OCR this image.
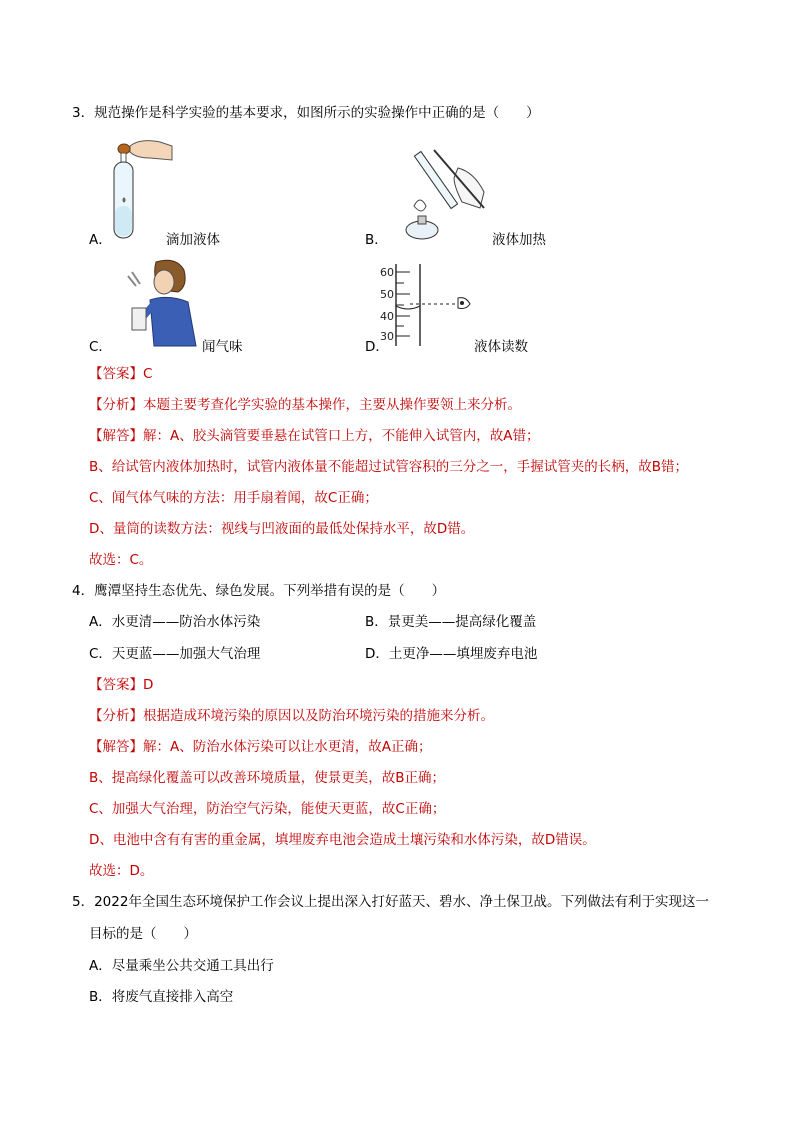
3．规范操作是科学实验的基本要求，如图所示的实验操作中正确的是（　　）
A．	滴加液体	B．	液体加热
C．	闻气味
60
50
40
30
D．	液体读数
【答案】C
【分析】本题主要考查化学实验的基本操作，主要从操作要领上来分析。
【解答】解：A、胶头滴管要垂悬在试管口上方，不能伸入试管内，故A错；
B、给试管内液体加热时，试管内液体量不能超过试管容积的三分之一，手握试管夹的长柄，故B错；
C、闻气体气味的方法：用手扇着闻，故C正确；
D、量筒的读数方法：视线与凹液面的最低处保持水平，故D错。
故选：C。
4．鹰潭坚持生态优先、绿色发展。下列举措有误的是（　　）
A．水更清——防治水体污染	B．景更美——提高绿化覆盖
C．天更蓝——加强大气治理	D．土更净——填埋废弃电池
【答案】D
【分析】根据造成环境污染的原因以及防治环境污染的措施来分析。
【解答】解：A、防治水体污染可以让水更清，故A正确；
B、提高绿化覆盖可以改善环境质量，使景更美，故B正确；
C、加强大气治理，防治空气污染，能使天更蓝，故C正确；
D、电池中含有有害的重金属，填埋废弃电池会造成土壤污染和水体污染，故D错误。
故选：D。
5．2022年全国生态环境保护工作会议上提出深入打好蓝天、碧水、净土保卫战。下列做法有利于实现这一
目标的是（　　）
A．尽量乘坐公共交通工具出行
B．将废气直接排入高空
